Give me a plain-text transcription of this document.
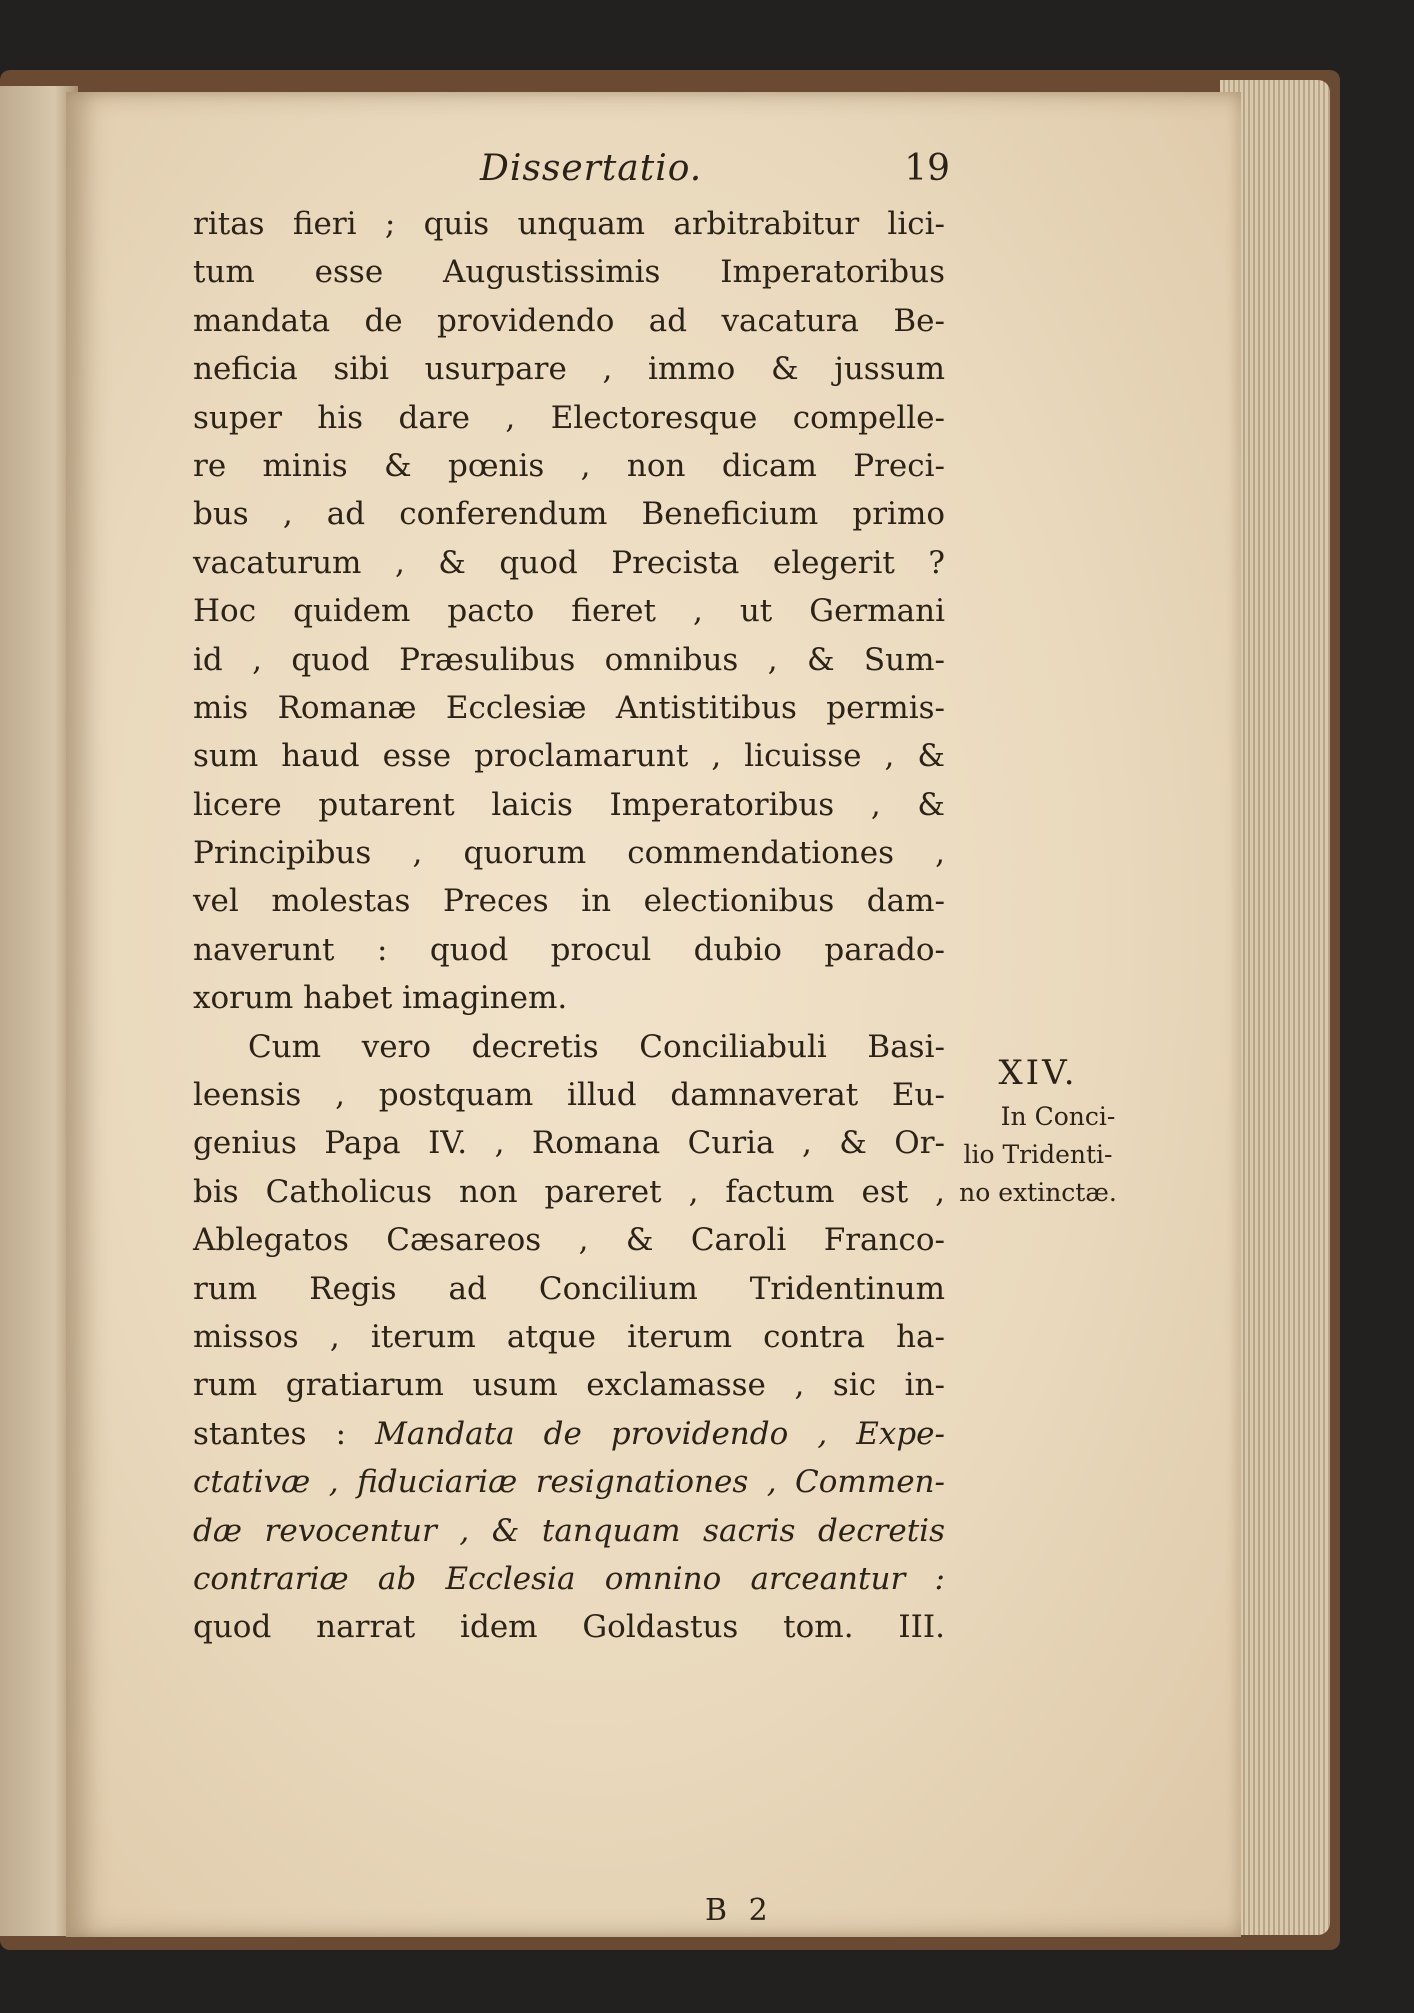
Dissertatio.	19
ritas fieri ; quis unquam arbitrabitur lici-
tum esse Augustissimis Imperatoribus
mandata de providendo ad vacatura Be-
neficia sibi usurpare , immo & jussum
super his dare , Electoresque compelle-
re minis & pœnis , non dicam Preci-
bus , ad conferendum Beneficium primo
vacaturum , & quod Precista elegerit ?
Hoc quidem pacto fieret , ut Germani
id , quod Præsulibus omnibus , & Sum-
mis Romanæ Ecclesiæ Antistitibus permis-
sum haud esse proclamarunt , licuisse , &
licere putarent laicis Imperatoribus , &
Principibus , quorum commendationes ,
vel molestas Preces in electionibus dam-
naverunt : quod procul dubio parado-
xorum habet imaginem.
Cum vero decretis Conciliabuli Basi-
leensis , postquam illud damnaverat Eu-
genius Papa IV. , Romana Curia , & Or-
bis Catholicus non pareret , factum est ,
Ablegatos Cæsareos , & Caroli Franco-
rum Regis ad Concilium Tridentinum
missos , iterum atque iterum contra ha-
rum gratiarum usum exclamasse , sic in-
stantes : Mandata de providendo , Expe-
ctativæ , fiduciariæ resignationes , Commen-
dæ revocentur , & tanquam sacris decretis
contrariæ ab Ecclesia omnino arceantur :
quod narrat idem Goldastus tom. III.
XIV.
In Conci-
lio Tridenti-
no extinctæ.
B 2
